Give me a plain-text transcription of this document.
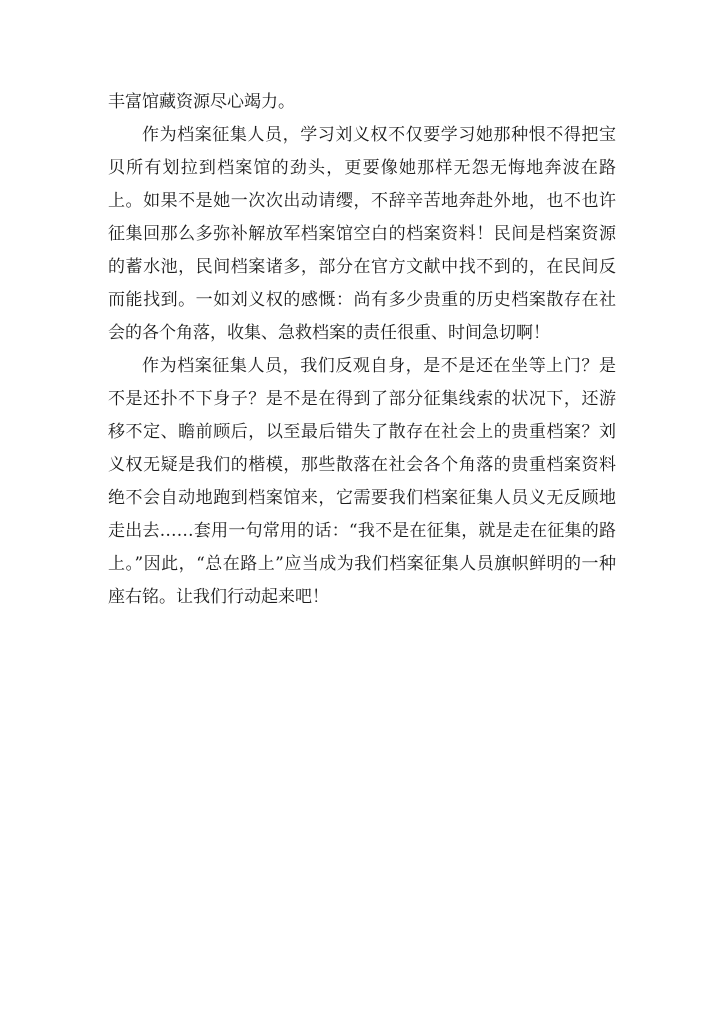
丰富馆藏资源尽心竭力。

作为档案征集人员，学习刘义权不仅要学习她那种恨不得把宝贝所有划拉到档案馆的劲头，更要像她那样无怨无悔地奔波在路上。如果不是她一次次出动请缨，不辞辛苦地奔赴外地，也不也许征集回那么多弥补解放军档案馆空白的档案资料！民间是档案资源的蓄水池，民间档案诸多，部分在官方文献中找不到的，在民间反而能找到。一如刘义权的感慨：尚有多少贵重的历史档案散存在社会的各个角落，收集、急救档案的责任很重、时间急切啊！

作为档案征集人员，我们反观自身，是不是还在坐等上门？是不是还扑不下身子？是不是在得到了部分征集线索的状况下，还游移不定、瞻前顾后，以至最后错失了散存在社会上的贵重档案？刘义权无疑是我们的楷模，那些散落在社会各个角落的贵重档案资料绝不会自动地跑到档案馆来，它需要我们档案征集人员义无反顾地走出去……套用一句常用的话：“我不是在征集，就是走在征集的路上。”因此，“总在路上”应当成为我们档案征集人员旗帜鲜明的一种座右铭。让我们行动起来吧！
